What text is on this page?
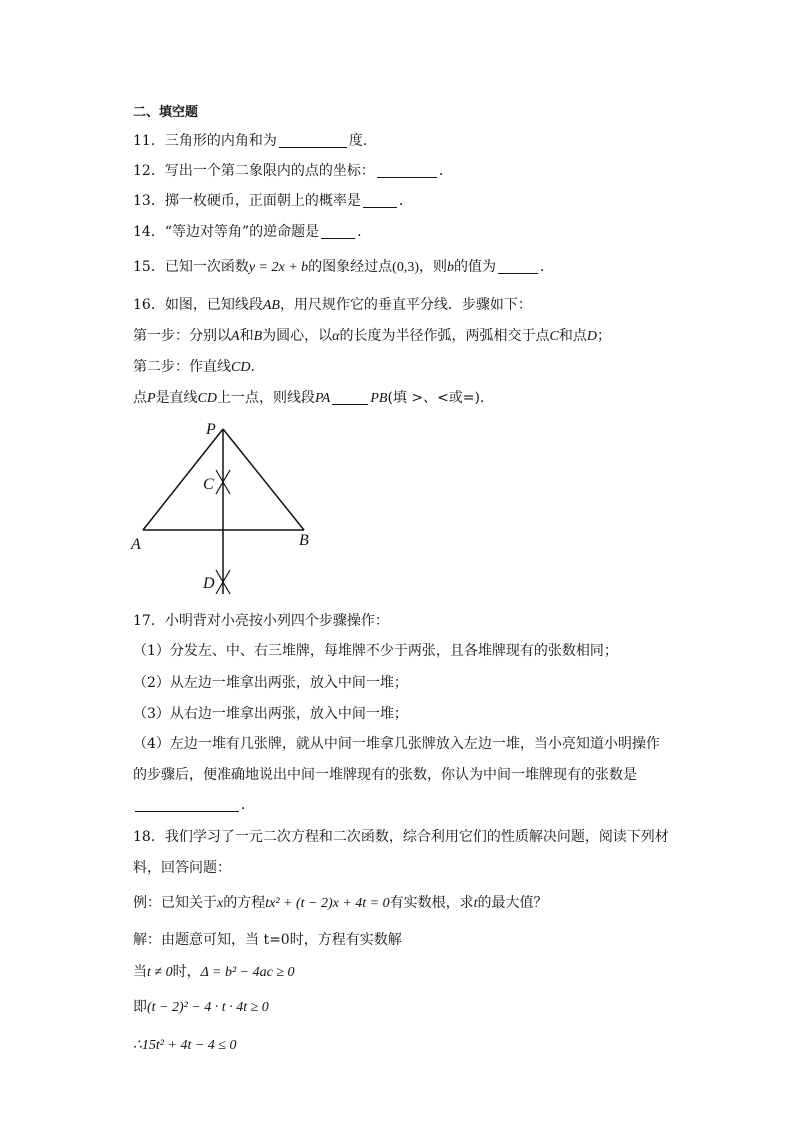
二、填空题
11．三角形的内角和为	度．
12．写出一个第二象限内的点的坐标：	．
13．掷一枚硬币，正面朝上的概率是	．
14．“等边对等角”的逆命题是	．
15．已知一次函数y = 2x + b的图象经过点(0,3)，则b的值为	．
16．如图，已知线段AB，用尺规作它的垂直平分线．步骤如下：
第一步：分别以A和B为圆心，以α的长度为半径作弧，两弧相交于点C和点D；
第二步：作直线CD．
点P是直线CD上一点，则线段PA	PB(填 >、<或=)．
P
C
A	B
D
17．小明背对小亮按小列四个步骤操作：
（1）分发左、中、右三堆牌，每堆牌不少于两张，且各堆牌现有的张数相同；
（2）从左边一堆拿出两张，放入中间一堆；
（3）从右边一堆拿出两张，放入中间一堆；
（4）左边一堆有几张牌，就从中间一堆拿几张牌放入左边一堆，当小亮知道小明操作
的步骤后，便准确地说出中间一堆牌现有的张数，你认为中间一堆牌现有的张数是
．
18．我们学习了一元二次方程和二次函数，综合利用它们的性质解决问题，阅读下列材
料，回答问题：
例：已知关于x的方程tx² + (t − 2)x + 4t = 0有实数根，求t的最大值？
解：由题意可知，当 t=0时，方程有实数解
当t ≠ 0时，Δ = b² − 4ac ≥ 0
即(t − 2)² − 4 · t · 4t ≥ 0
∴15t² + 4t − 4 ≤ 0
